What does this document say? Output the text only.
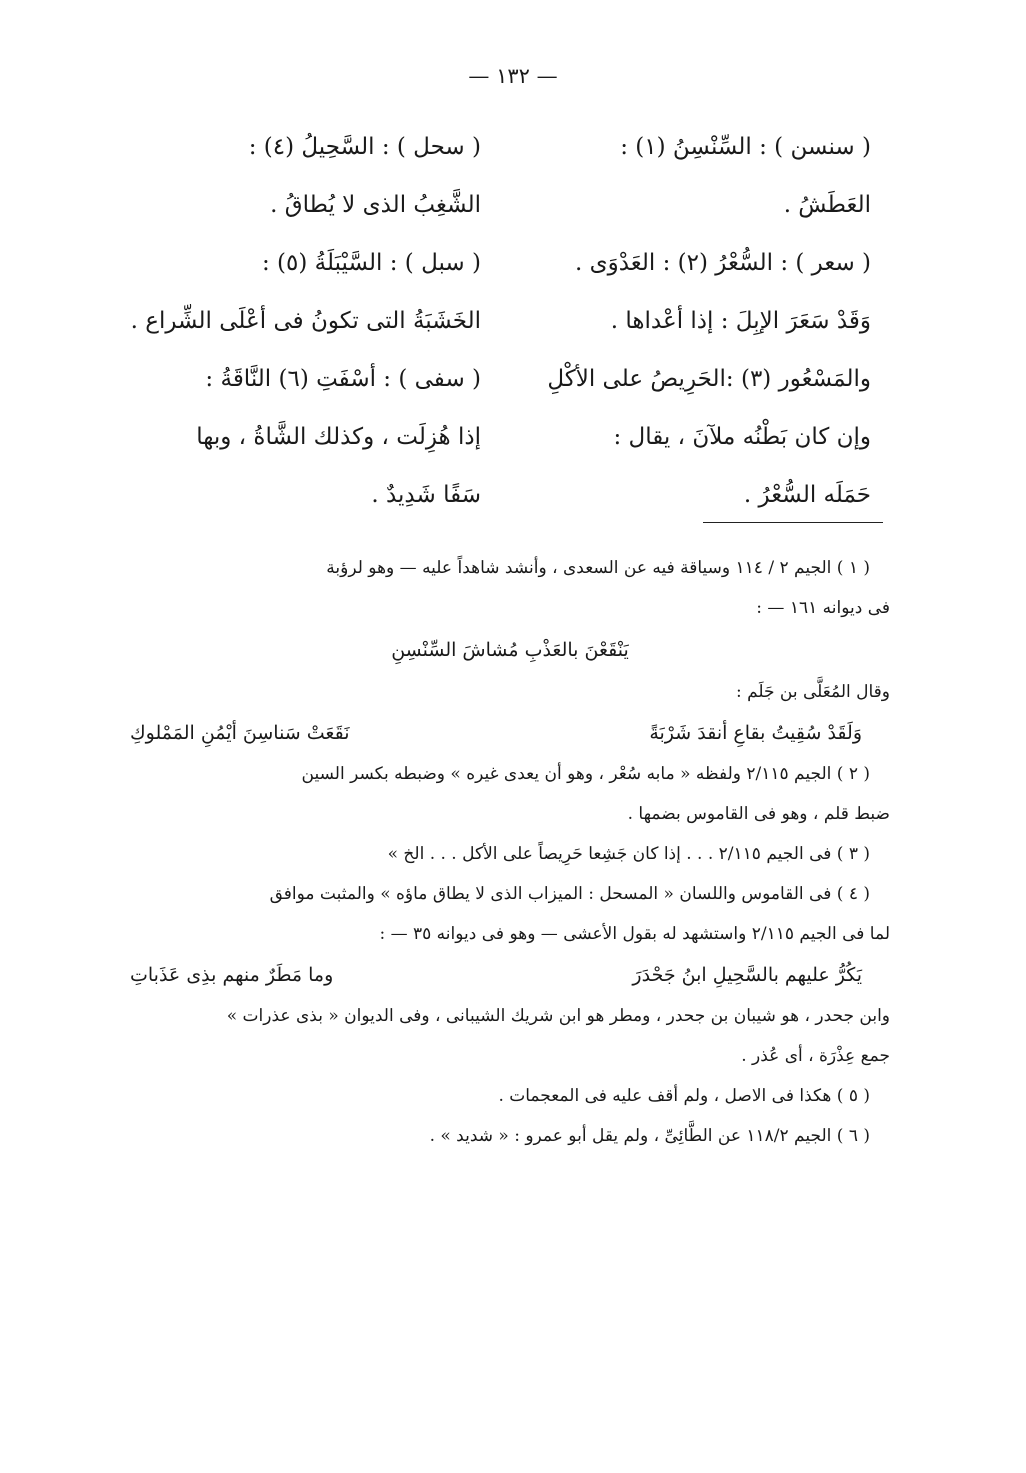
— ١٣٢ —
( سنسن ) : السِّنْسِنُ (١) :
العَطَشُ .
( سعر ) : السُّعْرُ (٢) : العَدْوَى .
وَقَدْ سَعَرَ الإبِلَ : إذا أعْداها .
والمَسْعُور (٣) :الحَرِيصُ على الأكْلِ
وإن كان بَطْنُه ملآنَ ، يقال :
حَمَلَه السُّعْرُ .
( سحل ) : السَّحِيلُ (٤) :
الشَّغِبُ الذى لا يُطاقُ .
( سبل ) : السَّيْبَلَةُ (٥) :
الخَشَبَةُ التى تكونُ فى أعْلَى الشِّراع .
( سفى ) : أسْفَتِ (٦) النَّاقَةُ :
إذا هُزِلَت ، وكذلك الشَّاةُ ، وبها
سَفًا شَدِيدٌ .
( ١ ) الجيم ٢ / ١١٤ وسياقة فيه عن السعدى ، وأنشد شاهداً عليه — وهو لرؤبة
فى ديوانه ١٦١ — :
يَنْقَعْنَ بالعَذْبِ مُشاشَ السِّنْسِنِ
وقال المُعَلَّى بن جَلَم :
وَلَقَدْ سُقِيتُ بقاعِ أنقدَ شَرْبَةً
نَقَعَتْ سَناسِنَ أيْمُنِ المَمْلوكِ
( ٢ ) الجيم ٢/١١٥ ولفظه « مابه سُعْر ، وهو أن يعدى غيره » وضبطه بكسر السين
ضبط قلم ، وهو فى القاموس بضمها .
( ٣ ) فى الجيم ٢/١١٥ . . . إذا كان جَشِعا حَرِيصاً على الأكل . . . الخ »
( ٤ ) فى القاموس واللسان « المسحل : الميزاب الذى لا يطاق ماؤه » والمثبت موافق
لما فى الجيم ٢/١١٥ واستشهد له بقول الأعشى — وهو فى ديوانه ٣٥ — :
يَكُرُّ عليهم بالسَّحِيلِ ابنُ جَحْدَرَ
وما مَطَرٌ منهم بذِى عَذَباتِ
وابن جحدر ، هو شيبان بن جحدر ، ومطر هو ابن شريك الشيبانى ، وفى الديوان « بذى عذرات »
جمع عِذْرَة ، أى عُذر .
( ٥ ) هكذا فى الاصل ، ولم أقف عليه فى المعجمات .
( ٦ ) الجيم ١١٨/٢ عن الطَّائِىِّ ، ولم يقل أبو عمرو : « شديد » .
